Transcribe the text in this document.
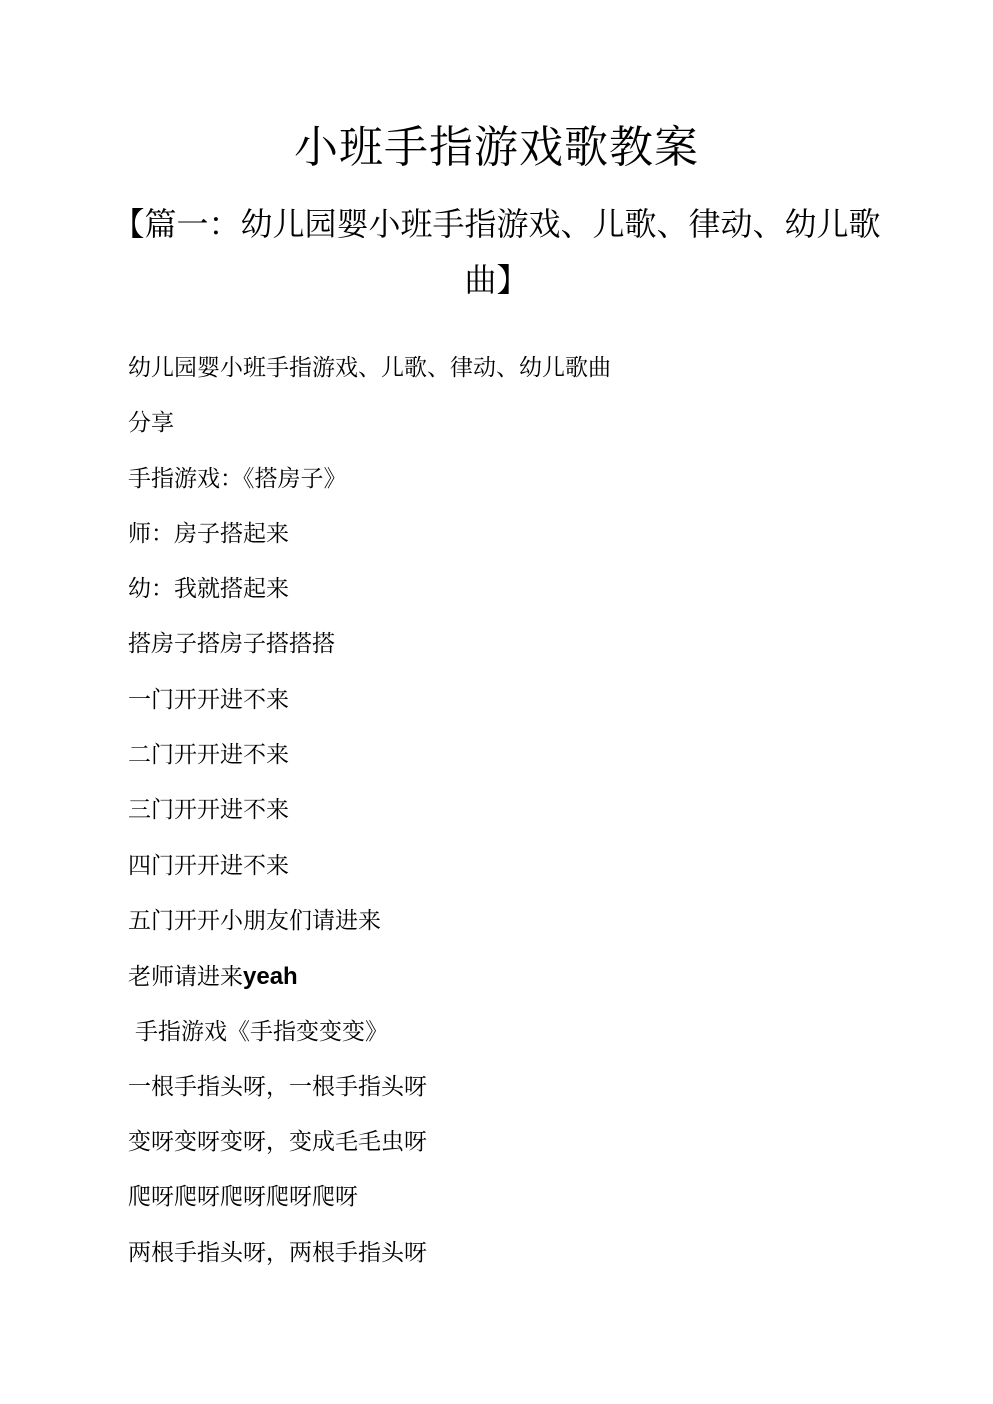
小班手指游戏歌教案
【篇一：幼儿园婴小班手指游戏、儿歌、律动、幼儿歌曲】
幼儿园婴小班手指游戏、儿歌、律动、幼儿歌曲
分享
手指游戏：《搭房子》
师：房子搭起来
幼：我就搭起来
搭房子搭房子搭搭搭
一门开开进不来
二门开开进不来
三门开开进不来
四门开开进不来
五门开开小朋友们请进来
老师请进来yeah
手指游戏《手指变变变》
一根手指头呀，一根手指头呀
变呀变呀变呀，变成毛毛虫呀
爬呀爬呀爬呀爬呀爬呀
两根手指头呀，两根手指头呀
